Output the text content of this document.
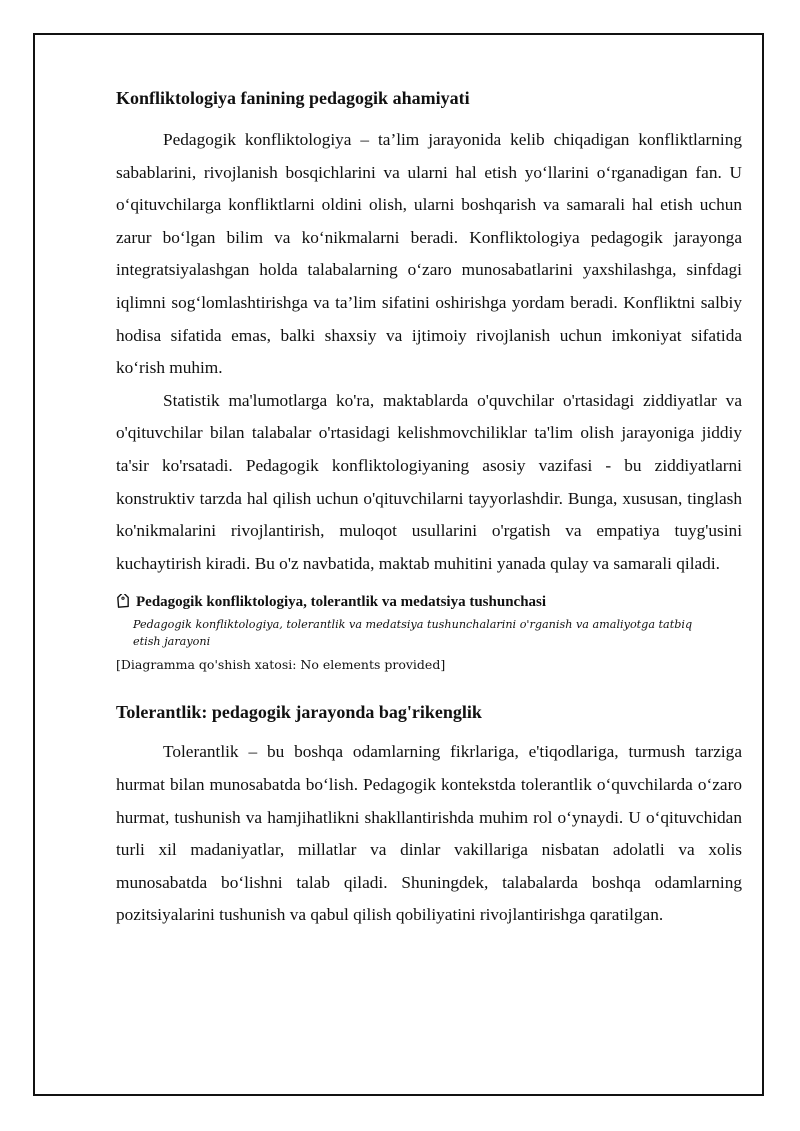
Konfliktologiya fanining pedagogik ahamiyati

Pedagogik konfliktologiya – ta’lim jarayonida kelib chiqadigan konfliktlarning sabablarini, rivojlanish bosqichlarini va ularni hal etish yo‘llarini o‘rganadigan fan. U o‘qituvchilarga konfliktlarni oldini olish, ularni boshqarish va samarali hal etish uchun zarur bo‘lgan bilim va ko‘nikmalarni beradi. Konfliktologiya pedagogik jarayonga integratsiyalashgan holda talabalarning o‘zaro munosabatlarini yaxshilashga, sinfdagi iqlimni sog‘lomlashtirishga va ta’lim sifatini oshirishga yordam beradi. Konfliktni salbiy hodisa sifatida emas, balki shaxsiy va ijtimoiy rivojlanish uchun imkoniyat sifatida ko‘rish muhim.

Statistik ma'lumotlarga ko'ra, maktablarda o'quvchilar o'rtasidagi ziddiyatlar va o'qituvchilar bilan talabalar o'rtasidagi kelishmovchiliklar ta'lim olish jarayoniga jiddiy ta'sir ko'rsatadi. Pedagogik konfliktologiyaning asosiy vazifasi - bu ziddiyatlarni konstruktiv tarzda hal qilish uchun o'qituvchilarni tayyorlashdir. Bunga, xususan, tinglash ko'nikmalarini rivojlantirish, muloqot usullarini o'rgatish va empatiya tuyg'usini kuchaytirish kiradi. Bu o'z navbatida, maktab muhitini yanada qulay va samarali qiladi.

Pedagogik konfliktologiya, tolerantlik va medatsiya tushunchasi
Pedagogik konfliktologiya, tolerantlik va medatsiya tushunchalarini o'rganish va amaliyotga tatbiq etish jarayoni
[Diagramma qo'shish xatosi: No elements provided]
Tolerantlik: pedagogik jarayonda bag'rikenglik

Tolerantlik – bu boshqa odamlarning fikrlariga, e'tiqodlariga, turmush tarziga hurmat bilan munosabatda bo‘lish. Pedagogik kontekstda tolerantlik o‘quvchilarda o‘zaro hurmat, tushunish va hamjihatlikni shakllantirishda muhim rol o‘ynaydi. U o‘qituvchidan turli xil madaniyatlar, millatlar va dinlar vakillariga nisbatan adolatli va xolis munosabatda bo‘lishni talab qiladi. Shuningdek, talabalarda boshqa odamlarning pozitsiyalarini tushunish va qabul qilish qobiliyatini rivojlantirishga qaratilgan.
